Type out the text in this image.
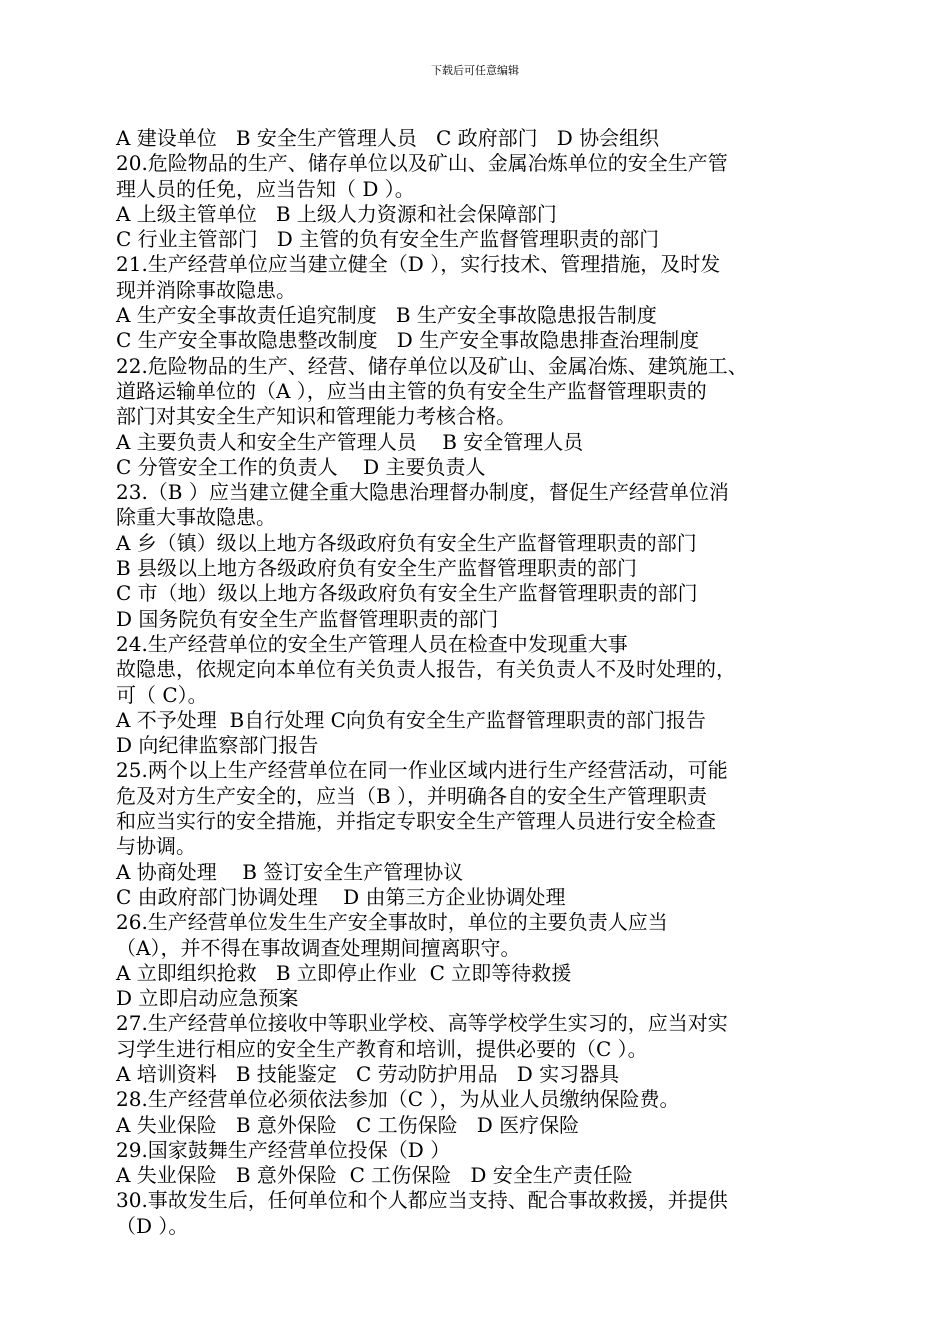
下载后可任意编辑
A 建设单位   B 安全生产管理人员   C 政府部门   D 协会组织
20.危险物品的生产、储存单位以及矿山、金属冶炼单位的安全生产管
理人员的任免，应当告知（ D ）。
A 上级主管单位   B 上级人力资源和社会保障部门
C 行业主管部门   D 主管的负有安全生产监督管理职责的部门
21.生产经营单位应当建立健全（D ），实行技术、管理措施，及时发
现并消除事故隐患。
A 生产安全事故责任追究制度   B 生产安全事故隐患报告制度
C 生产安全事故隐患整改制度   D 生产安全事故隐患排查治理制度
22.危险物品的生产、经营、储存单位以及矿山、金属冶炼、建筑施工、
道路运输单位的（A ），应当由主管的负有安全生产监督管理职责的
部门对其安全生产知识和管理能力考核合格。
A 主要负责人和安全生产管理人员    B 安全管理人员
C 分管安全工作的负责人    D 主要负责人
23.（B ）应当建立健全重大隐患治理督办制度，督促生产经营单位消
除重大事故隐患。
A 乡（镇）级以上地方各级政府负有安全生产监督管理职责的部门
B 县级以上地方各级政府负有安全生产监督管理职责的部门
C 市（地）级以上地方各级政府负有安全生产监督管理职责的部门
D 国务院负有安全生产监督管理职责的部门
24.生产经营单位的安全生产管理人员在检查中发现重大事
故隐患，依规定向本单位有关负责人报告，有关负责人不及时处理的，
可（ C）。
A 不予处理  B自行处理 C向负有安全生产监督管理职责的部门报告
D 向纪律监察部门报告
25.两个以上生产经营单位在同一作业区域内进行生产经营活动，可能
危及对方生产安全的，应当（B ），并明确各自的安全生产管理职责
和应当实行的安全措施，并指定专职安全生产管理人员进行安全检查
与协调。
A 协商处理    B 签订安全生产管理协议
C 由政府部门协调处理    D 由第三方企业协调处理
26.生产经营单位发生生产安全事故时，单位的主要负责人应当
（A），并不得在事故调查处理期间擅离职守。
A 立即组织抢救   B 立即停止作业  C 立即等待救援
D 立即启动应急预案
27.生产经营单位接收中等职业学校、高等学校学生实习的，应当对实
习学生进行相应的安全生产教育和培训，提供必要的（C ）。
A 培训资料   B 技能鉴定   C 劳动防护用品   D 实习器具
28.生产经营单位必须依法参加（C ），为从业人员缴纳保险费。
A 失业保险   B 意外保险   C 工伤保险   D 医疗保险
29.国家鼓舞生产经营单位投保（D ）
A 失业保险   B 意外保险  C 工伤保险   D 安全生产责任险
30.事故发生后，任何单位和个人都应当支持、配合事故救援，并提供
（D ）。
